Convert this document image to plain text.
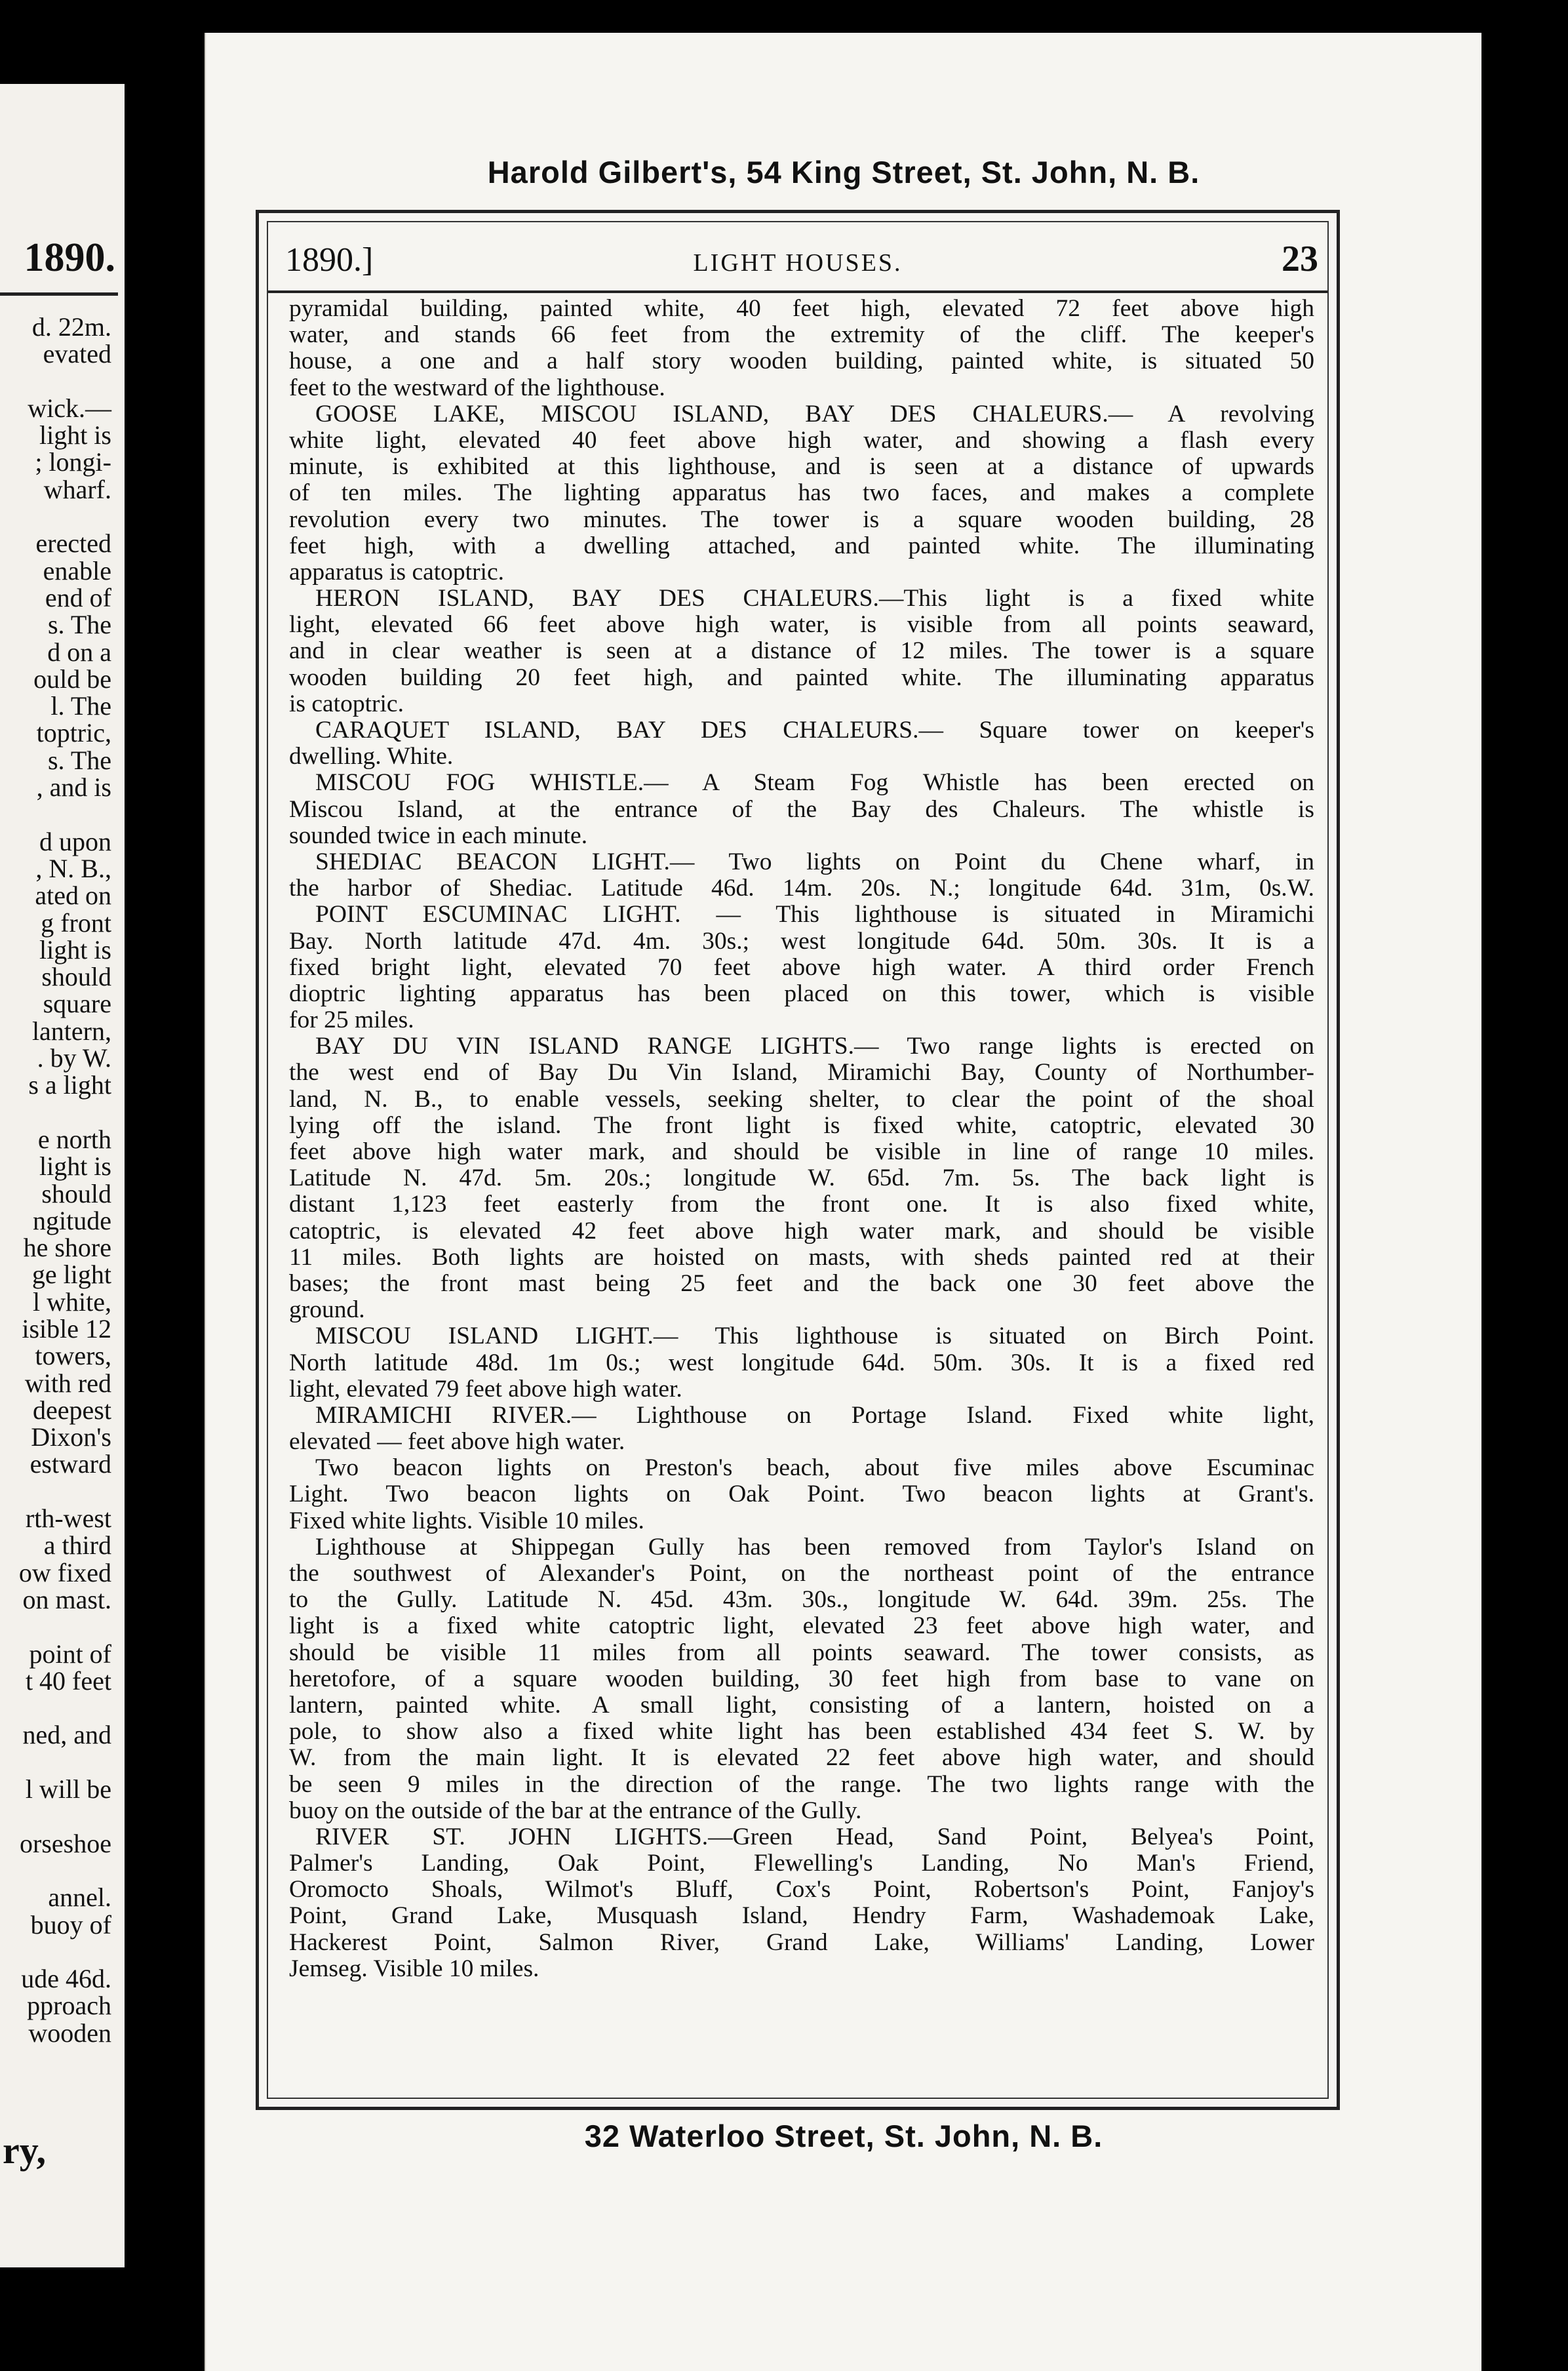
1890.
d. 22m.
evated
wick.—
light is
; longi-
wharf.
erected
enable
end of
s. The
d on a
ould be
l. The
toptric,
s. The
, and is
d upon
, N. B.,
ated on
g front
light is
should
square
lantern,
. by W.
s a light
e north
light is
should
ngitude
he shore
ge light
l white,
isible 12
towers,
with red
deepest
Dixon's
estward
rth-west
a third
ow fixed
on mast.
point of
t 40 feet
ned, and
l will be
orseshoe
annel.
buoy of
ude 46d.
pproach
wooden
ry,
Harold Gilbert's, 54 King Street, St. John, N. B.
1890.]	LIGHT HOUSES.	23
pyramidal building, painted white, 40 feet high, elevated 72 feet above high
water, and stands 66 feet from the extremity of the cliff. The keeper's
house, a one and a half story wooden building, painted white, is situated 50
feet to the westward of the lighthouse.
GOOSE LAKE, MISCOU ISLAND, BAY DES CHALEURS.— A revolving
white light, elevated 40 feet above high water, and showing a flash every
minute, is exhibited at this lighthouse, and is seen at a distance of upwards
of ten miles. The lighting apparatus has two faces, and makes a complete
revolution every two minutes. The tower is a square wooden building, 28
feet high, with a dwelling attached, and painted white. The illuminating
apparatus is catoptric.
HERON ISLAND, BAY DES CHALEURS.—This light is a fixed white
light, elevated 66 feet above high water, is visible from all points seaward,
and in clear weather is seen at a distance of 12 miles. The tower is a square
wooden building 20 feet high, and painted white. The illuminating apparatus
is catoptric.
CARAQUET ISLAND, BAY DES CHALEURS.— Square tower on keeper's
dwelling. White.
MISCOU FOG WHISTLE.— A Steam Fog Whistle has been erected on
Miscou Island, at the entrance of the Bay des Chaleurs. The whistle is
sounded twice in each minute.
SHEDIAC BEACON LIGHT.— Two lights on Point du Chene wharf, in
the harbor of Shediac. Latitude 46d. 14m. 20s. N.; longitude 64d. 31m, 0s.W.
POINT ESCUMINAC LIGHT. — This lighthouse is situated in Miramichi
Bay. North latitude 47d. 4m. 30s.; west longitude 64d. 50m. 30s. It is a
fixed bright light, elevated 70 feet above high water. A third order French
dioptric lighting apparatus has been placed on this tower, which is visible
for 25 miles.
BAY DU VIN ISLAND RANGE LIGHTS.— Two range lights is erected on
the west end of Bay Du Vin Island, Miramichi Bay, County of Northumber-
land, N. B., to enable vessels, seeking shelter, to clear the point of the shoal
lying off the island. The front light is fixed white, catoptric, elevated 30
feet above high water mark, and should be visible in line of range 10 miles.
Latitude N. 47d. 5m. 20s.; longitude W. 65d. 7m. 5s. The back light is
distant 1,123 feet easterly from the front one. It is also fixed white,
catoptric, is elevated 42 feet above high water mark, and should be visible
11 miles. Both lights are hoisted on masts, with sheds painted red at their
bases; the front mast being 25 feet and the back one 30 feet above the
ground.
MISCOU ISLAND LIGHT.— This lighthouse is situated on Birch Point.
North latitude 48d. 1m 0s.; west longitude 64d. 50m. 30s. It is a fixed red
light, elevated 79 feet above high water.
MIRAMICHI RIVER.— Lighthouse on Portage Island. Fixed white light,
elevated — feet above high water.
Two beacon lights on Preston's beach, about five miles above Escuminac
Light. Two beacon lights on Oak Point. Two beacon lights at Grant's.
Fixed white lights. Visible 10 miles.
Lighthouse at Shippegan Gully has been removed from Taylor's Island on
the southwest of Alexander's Point, on the northeast point of the entrance
to the Gully. Latitude N. 45d. 43m. 30s., longitude W. 64d. 39m. 25s. The
light is a fixed white catoptric light, elevated 23 feet above high water, and
should be visible 11 miles from all points seaward. The tower consists, as
heretofore, of a square wooden building, 30 feet high from base to vane on
lantern, painted white. A small light, consisting of a lantern, hoisted on a
pole, to show also a fixed white light has been established 434 feet S. W. by
W. from the main light. It is elevated 22 feet above high water, and should
be seen 9 miles in the direction of the range. The two lights range with the
buoy on the outside of the bar at the entrance of the Gully.
RIVER ST. JOHN LIGHTS.—Green Head, Sand Point, Belyea's Point,
Palmer's Landing, Oak Point, Flewelling's Landing, No Man's Friend,
Oromocto Shoals, Wilmot's Bluff, Cox's Point, Robertson's Point, Fanjoy's
Point, Grand Lake, Musquash Island, Hendry Farm, Washademoak Lake,
Hackerest Point, Salmon River, Grand Lake, Williams' Landing, Lower
Jemseg. Visible 10 miles.
32 Waterloo Street, St. John, N. B.
